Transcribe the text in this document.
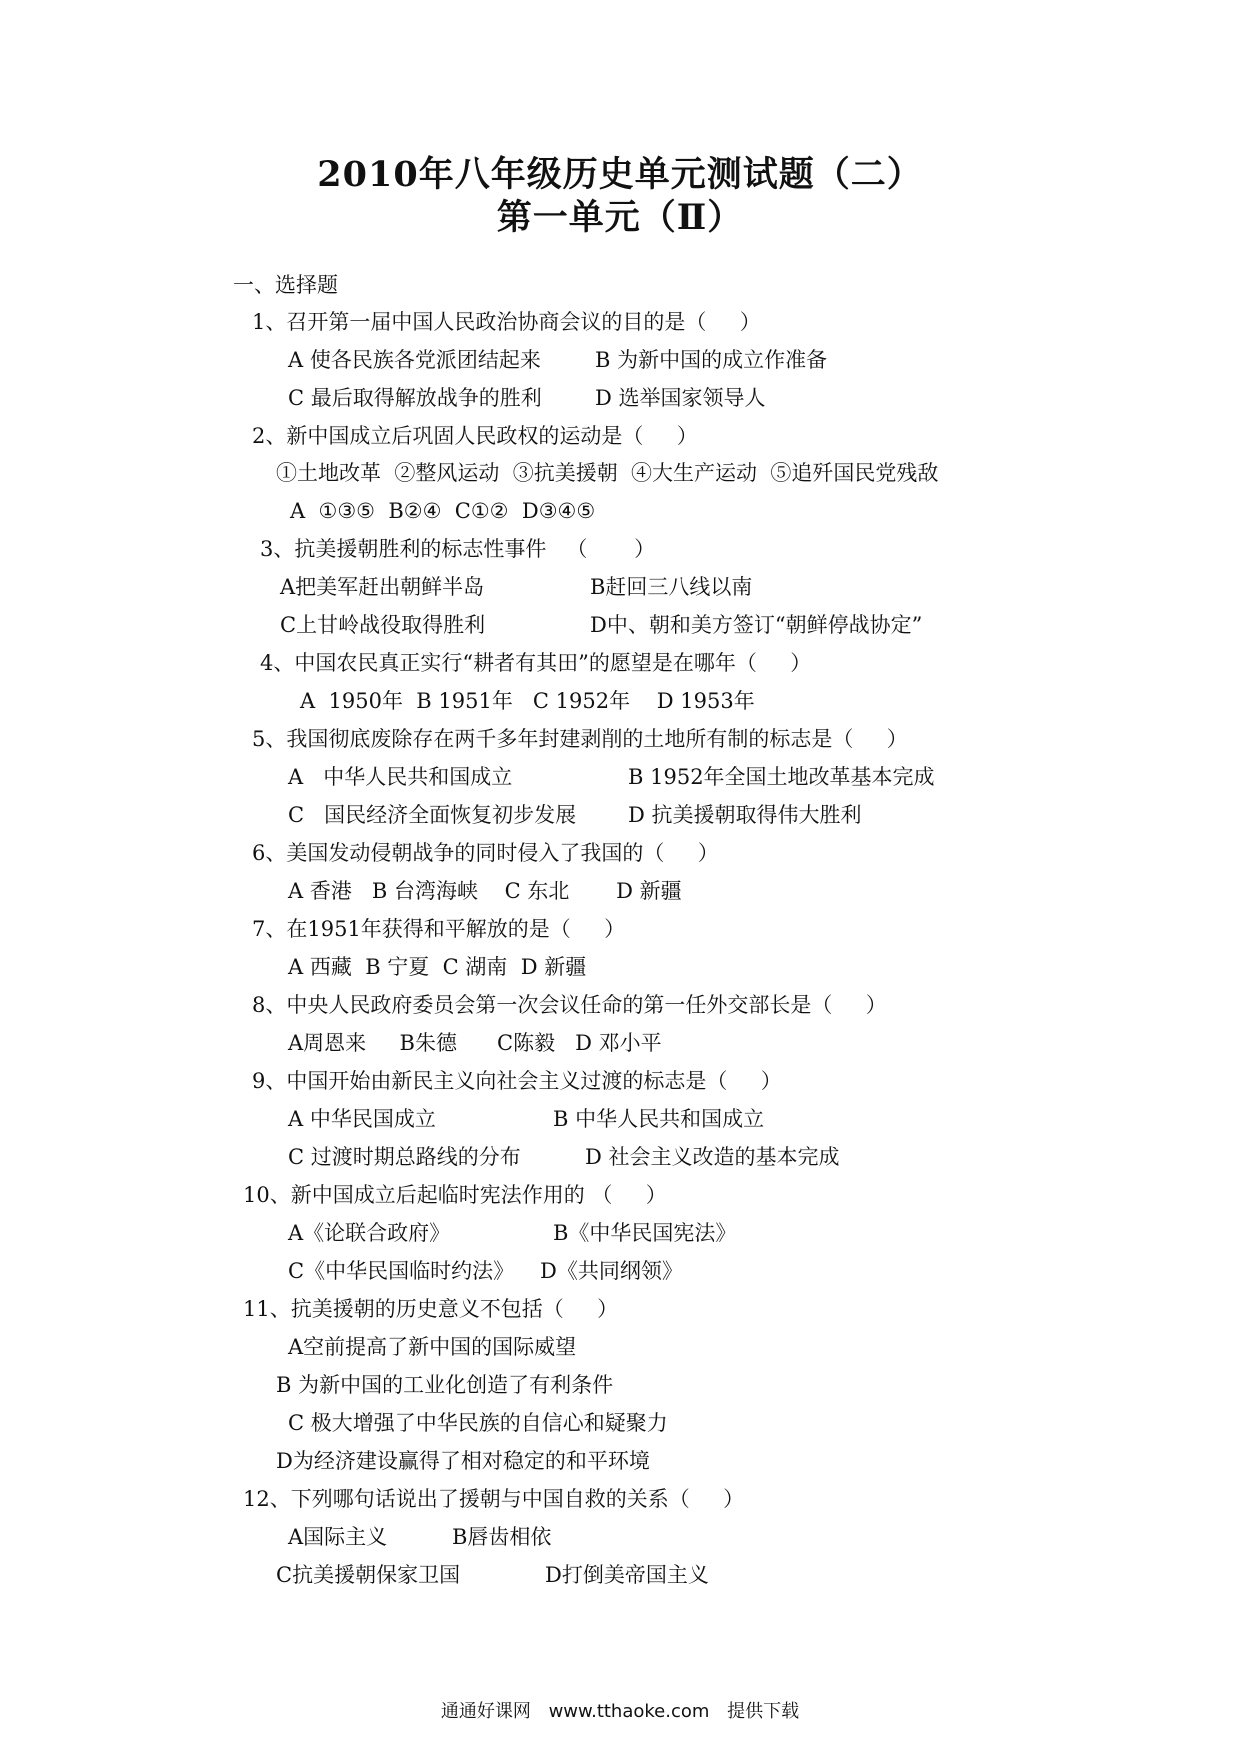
2010年八年级历史单元测试题（二）
第一单元（Ⅱ）
一、选择题
1、召开第一届中国人民政治协商会议的目的是（     ）
A 使各民族各党派团结起来	B 为新中国的成立作准备
C 最后取得解放战争的胜利	D 选举国家领导人
2、新中国成立后巩固人民政权的运动是（     ）
①土地改革  ②整风运动  ③抗美援朝  ④大生产运动  ⑤追歼国民党残敌
A  ①③⑤  B②④  C①②  D③④⑤
3、抗美援朝胜利的标志性事件   （       ）
A把美军赶出朝鲜半岛	B赶回三八线以南
C上甘岭战役取得胜利	D中、朝和美方签订“朝鲜停战协定”
4、中国农民真正实行“耕者有其田”的愿望是在哪年（     ）
A  1950年  B 1951年   C 1952年    D 1953年
5、我国彻底废除存在两千多年封建剥削的土地所有制的标志是（     ）
A   中华人民共和国成立	B 1952年全国土地改革基本完成
C   国民经济全面恢复初步发展 D 抗美援朝取得伟大胜利
6、美国发动侵朝战争的同时侵入了我国的（     ）
A 香港   B 台湾海峡    C 东北       D 新疆
7、在1951年获得和平解放的是（     ）
A 西藏  B 宁夏  C 湖南  D 新疆
8、中央人民政府委员会第一次会议任命的第一任外交部长是（     ）
A周恩来     B朱德      C陈毅   D 邓小平
9、中国开始由新民主义向社会主义过渡的标志是（     ）
A 中华民国成立	B 中华人民共和国成立
C 过渡时期总路线的分布	D 社会主义改造的基本完成
10、新中国成立后起临时宪法作用的 （     ）
A《论联合政府》	B《中华民国宪法》
C《中华民国临时约法》 D《共同纲领》
11、抗美援朝的历史意义不包括（     ）
A空前提高了新中国的国际威望
B 为新中国的工业化创造了有利条件
C 极大增强了中华民族的自信心和疑聚力
D为经济建设赢得了相对稳定的和平环境
12、下列哪句话说出了援朝与中国自救的关系（     ）
A国际主义	B唇齿相依
C抗美援朝保家卫国	D打倒美帝国主义
通通好课网 www.tthaoke.com 提供下载
